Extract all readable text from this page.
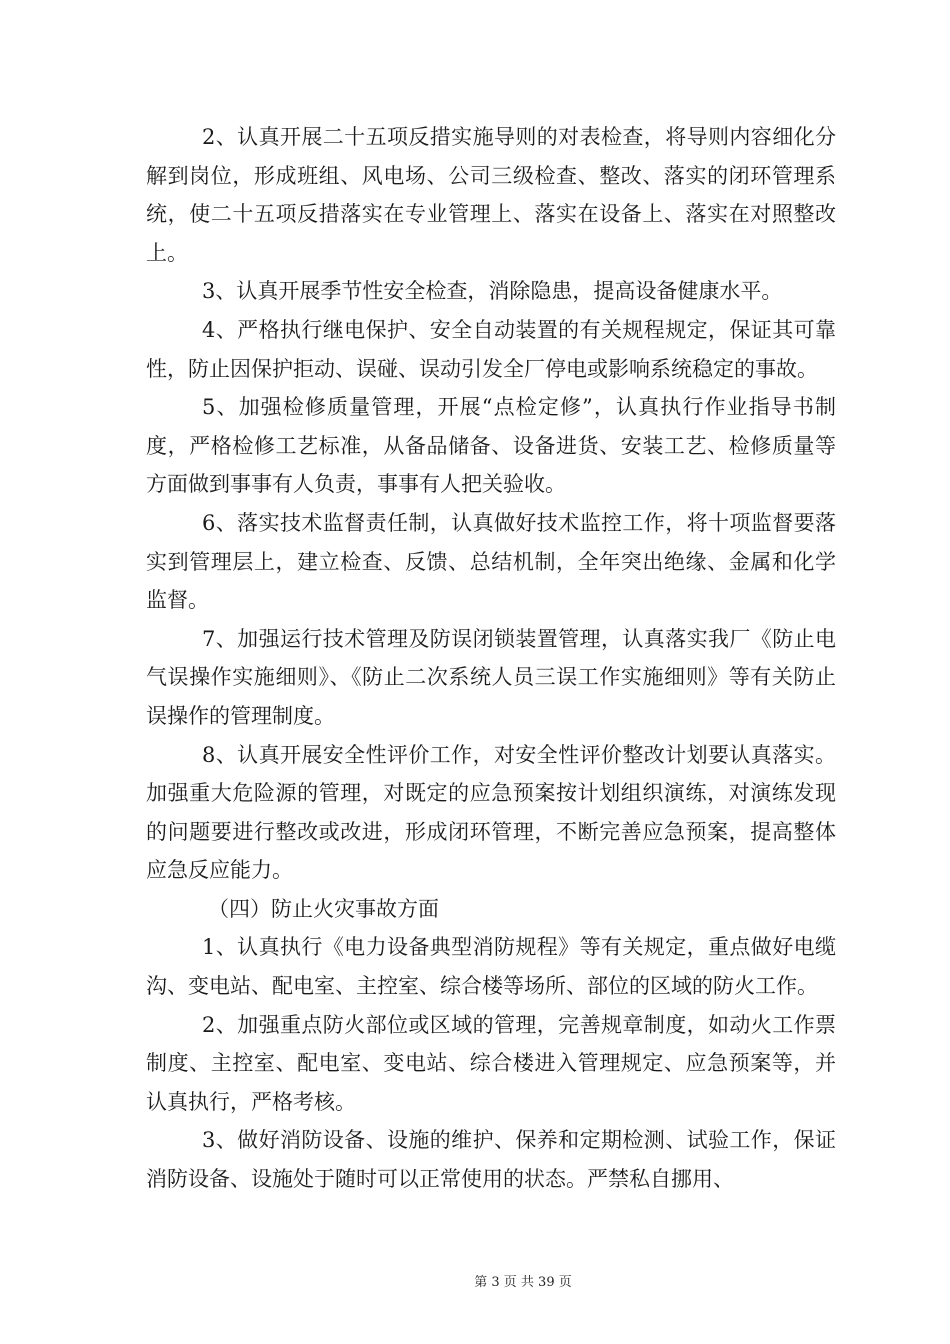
2、认真开展二十五项反措实施导则的对表检查，将导则内容细化分解到岗位，形成班组、风电场、公司三级检查、整改、落实的闭环管理系统，使二十五项反措落实在专业管理上、落实在设备上、落实在对照整改上。

3、认真开展季节性安全检查，消除隐患，提高设备健康水平。

4、严格执行继电保护、安全自动装置的有关规程规定，保证其可靠性，防止因保护拒动、误碰、误动引发全厂停电或影响系统稳定的事故。

5、加强检修质量管理，开展“点检定修”，认真执行作业指导书制度，严格检修工艺标准，从备品储备、设备进货、安装工艺、检修质量等方面做到事事有人负责，事事有人把关验收。

6、落实技术监督责任制，认真做好技术监控工作，将十项监督要落实到管理层上，建立检查、反馈、总结机制，全年突出绝缘、金属和化学监督。

7、加强运行技术管理及防误闭锁装置管理，认真落实我厂《防止电气误操作实施细则》、《防止二次系统人员三误工作实施细则》等有关防止误操作的管理制度。

8、认真开展安全性评价工作，对安全性评价整改计划要认真落实。加强重大危险源的管理，对既定的应急预案按计划组织演练，对演练发现的问题要进行整改或改进，形成闭环管理，不断完善应急预案，提高整体应急反应能力。

（四）防止火灾事故方面

1、认真执行《电力设备典型消防规程》等有关规定，重点做好电缆沟、变电站、配电室、主控室、综合楼等场所、部位的区域的防火工作。

2、加强重点防火部位或区域的管理，完善规章制度，如动火工作票制度、主控室、配电室、变电站、综合楼进入管理规定、应急预案等，并认真执行，严格考核。

3、做好消防设备、设施的维护、保养和定期检测、试验工作，保证消防设备、设施处于随时可以正常使用的状态。严禁私自挪用、

第 3 页 共 39 页
